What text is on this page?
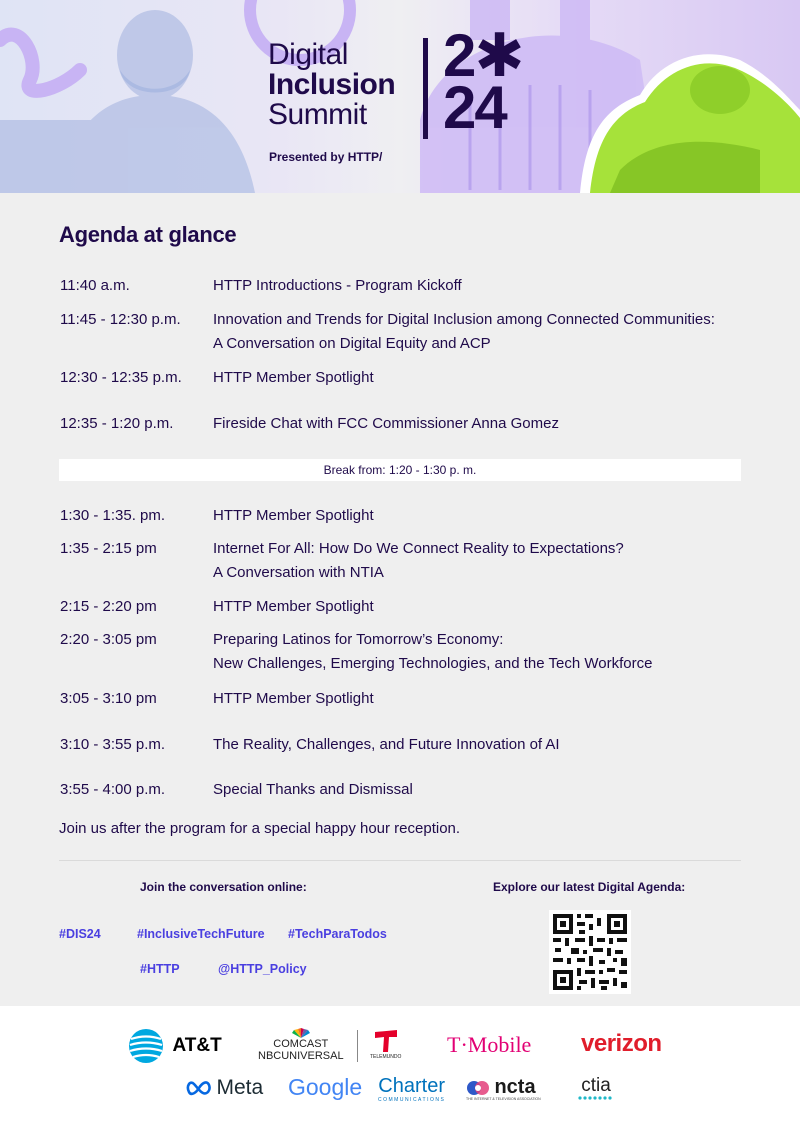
Digital
Inclusion
Summit
2✱
24
Presented by HTTP/
Agenda at glance
11:40 a.m.	HTTP Introductions - Program Kickoff
11:45 - 12:30 p.m.	Innovation and Trends for Digital Inclusion among Connected Communities:
A Conversation on Digital Equity and ACP
12:30 - 12:35 p.m.	HTTP Member Spotlight
12:35 - 1:20 p.m.	Fireside Chat with FCC Commissioner Anna Gomez
Break from: 1:20 - 1:30 p. m.
1:30 - 1:35. pm.	HTTP Member Spotlight
1:35 - 2:15 pm	Internet For All: How Do We Connect Reality to Expectations?
A Conversation with NTIA
2:15 - 2:20 pm	HTTP Member Spotlight
2:20 - 3:05 pm	Preparing Latinos for Tomorrow’s Economy:
New Challenges, Emerging Technologies, and the Tech Workforce
3:05 - 3:10 pm	HTTP Member Spotlight
3:10 - 3:55 p.m.	The Reality, Challenges, and Future Innovation of AI
3:55 - 4:00 p.m.	Special Thanks and Dismissal
Join us after the program for a special happy hour reception.
Join the conversation online:	Explore our latest Digital Agenda:
#DIS24	#InclusiveTechFuture #TechParaTodos
#HTTP	@HTTP_Policy
AT&T	COMCAST
NBCUNIVERSAL	TELEMUNDO T·Mobile verizon
Meta Google Charter
COMMUNICATIONS
ncta
THE INTERNET & TELEVISION ASSOCIATION
ctia
